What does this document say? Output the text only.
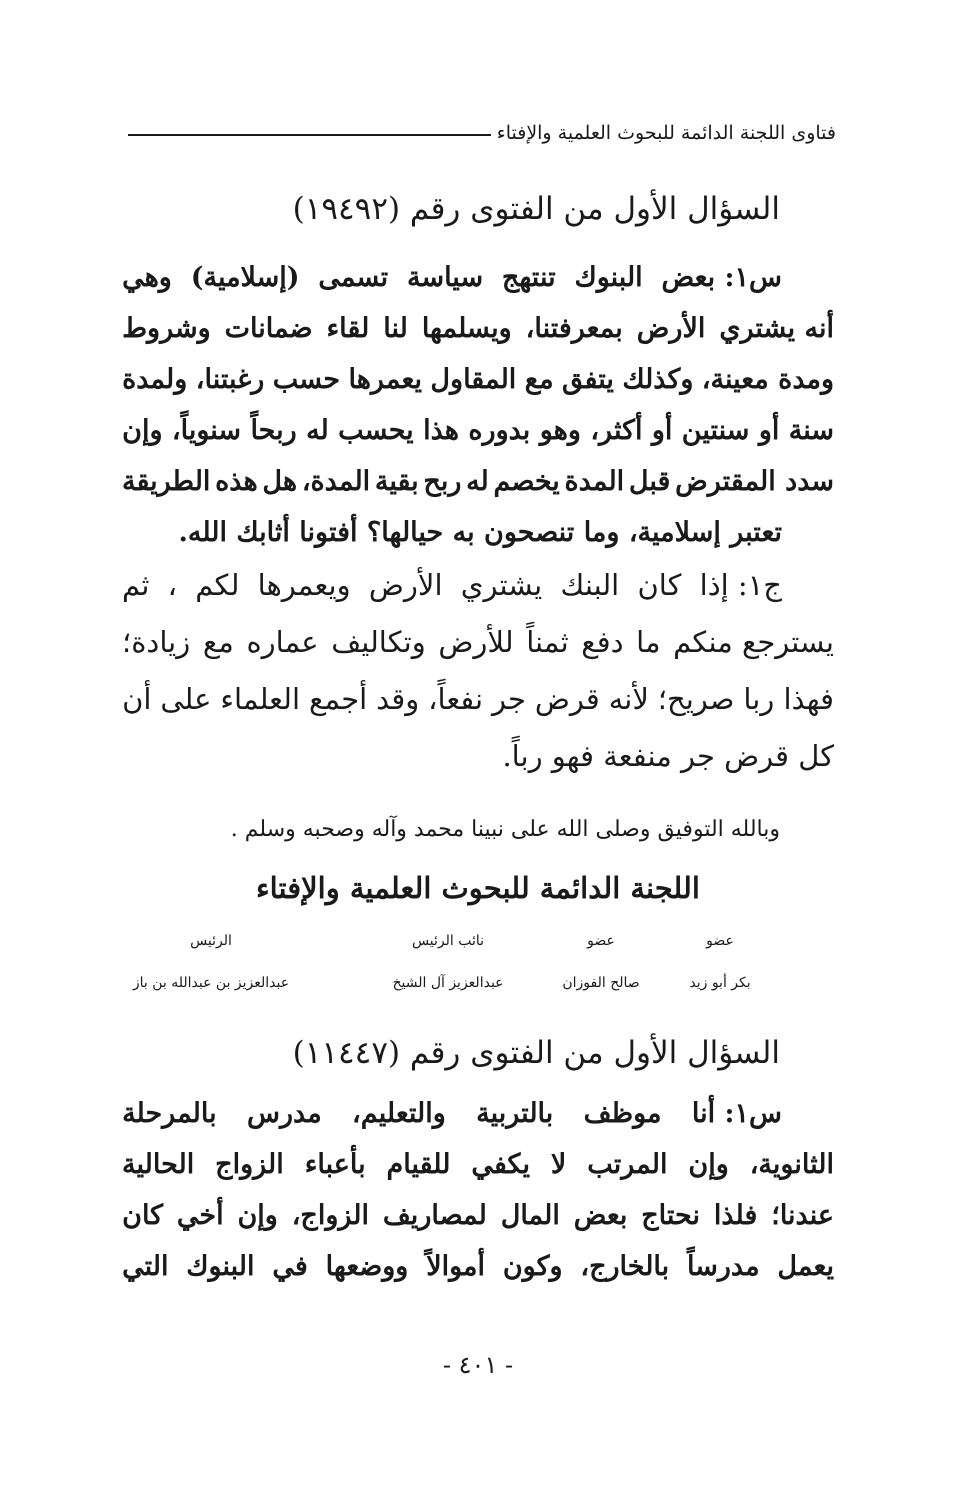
فتاوى اللجنة الدائمة للبحوث العلمية والإفتاء
السؤال الأول من الفتوى رقم (١٩٤٩٢)
س١: بعض
البنوك
تنتهج
سياسة
تسمى
(إسلامية)
وهي
أنه يشتري
الأرض
بمعرفتنا،
ويسلمها
لنا
لقاء
ضمانات
وشروط
ومدة معينة،
وكذلك
يتفق
مع
المقاول
يعمرها
حسب
رغبتنا،
ولمدة
سنة أو
سنتين
أو
أكثر،
وهو
بدوره
هذا
يحسب
له
ربحاً
سنوياً،
وإن
سدد المقترض
قبل
المدة
يخصم
له
ربح
بقية
المدة،
هل
هذه
الطريقة
تعتبر إسلامية، وما تنصحون به حيالها؟ أفتونا أثابك الله.
ج١: إذا
كان
البنك
يشتري
الأرض
ويعمرها
لكم
،
ثم
يسترجع منكم
ما
دفع
ثمناً
للأرض
وتكاليف
عماره
مع
زيادة؛
فهذا ربا
صريح؛
لأنه
قرض
جر
نفعاً،
وقد
أجمع
العلماء
على
أن
كل قرض جر منفعة فهو رباً.
وبالله التوفيق وصلى الله على نبينا محمد وآله وصحبه وسلم .
اللجنة الدائمة للبحوث العلمية والإفتاء
عضو
بكر أبو زيد
عضو
صالح الفوزان
نائب الرئيس
عبدالعزيز آل الشيخ
الرئيس
عبدالعزيز بن عبدالله بن باز
السؤال الأول من الفتوى رقم (١١٤٤٧)
س١: أنا
موظف
بالتربية
والتعليم،
مدرس
بالمرحلة
الثانوية،
وإن
المرتب
لا
يكفي
للقيام
بأعباء
الزواج
الحالية
عندنا؛
فلذا
نحتاج
بعض
المال
لمصاريف
الزواج،
وإن
أخي
كان
يعمل
مدرساً
بالخارج،
وكون
أموالاً
ووضعها
في
البنوك
التي
- ٤٠١ -
